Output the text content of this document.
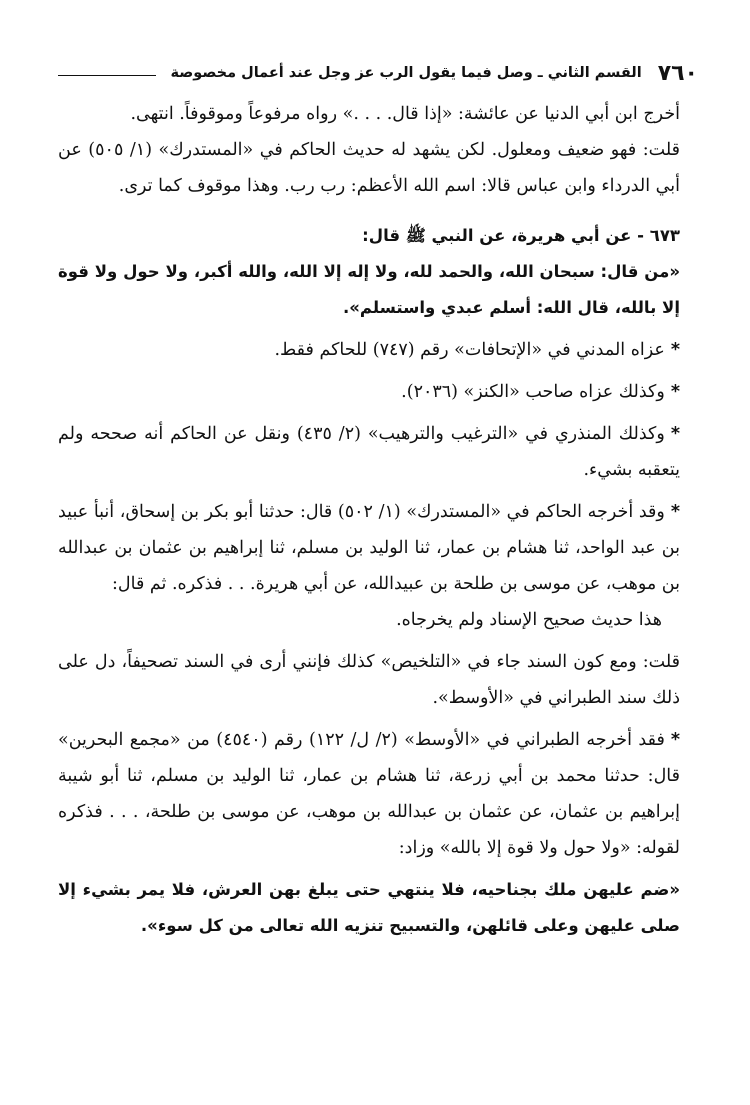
٧٦٠
القسم الثاني ـ وصل فيما يقول الرب عز وجل عند أعمال مخصوصة

أخرج ابن أبي الدنيا عن عائشة: «إذا قال. . . .» رواه مرفوعاً وموقوفاً. انتهى.

قلت: فهو ضعيف ومعلول. لكن يشهد له حديث الحاكم في «المستدرك» (١/ ٥٠٥) عن أبي الدرداء وابن عباس قالا: اسم الله الأعظم: رب رب. وهذا موقوف كما ترى.

٦٧٣ - عن أبي هريرة، عن النبي ﷺ قال:

«من قال: سبحان الله، والحمد لله، ولا إله إلا الله، والله أكبر، ولا حول ولا قوة إلا بالله، قال الله: أسلم عبدي واستسلم».

*عزاه المدني في «الإتحافات» رقم (٧٤٧) للحاكم فقط.

*وكذلك عزاه صاحب «الكنز» (٢٠٣٦).

*وكذلك المنذري في «الترغيب والترهيب» (٢/ ٤٣٥) ونقل عن الحاكم أنه صححه ولم يتعقبه بشيء.

*وقد أخرجه الحاكم في «المستدرك» (١/ ٥٠٢) قال: حدثنا أبو بكر بن إسحاق، أنبأ عبيد بن عبد الواحد، ثنا هشام بن عمار، ثنا الوليد بن مسلم، ثنا إبراهيم بن عثمان بن عبدالله بن موهب، عن موسى بن طلحة بن عبيدالله، عن أبي هريرة. . . فذكره. ثم قال:

هذا حديث صحيح الإسناد ولم يخرجاه.

قلت: ومع كون السند جاء في «التلخيص» كذلك فإنني أرى في السند تصحيفاً، دل على ذلك سند الطبراني في «الأوسط».

*فقد أخرجه الطبراني في «الأوسط» (٢/ ل/ ١٢٢) رقم (٤٥٤٠) من «مجمع البحرين» قال: حدثنا محمد بن أبي زرعة، ثنا هشام بن عمار، ثنا الوليد بن مسلم، ثنا أبو شيبة إبراهيم بن عثمان، عن عثمان بن عبدالله بن موهب، عن موسى بن طلحة، . . . فذكره لقوله: «ولا حول ولا قوة إلا بالله» وزاد:

«ضم عليهن ملك بجناحيه، فلا ينتهي حتى يبلغ بهن العرش، فلا يمر بشيء إلا صلى عليهن وعلى قائلهن، والتسبيح تنزيه الله تعالى من كل سوء».
